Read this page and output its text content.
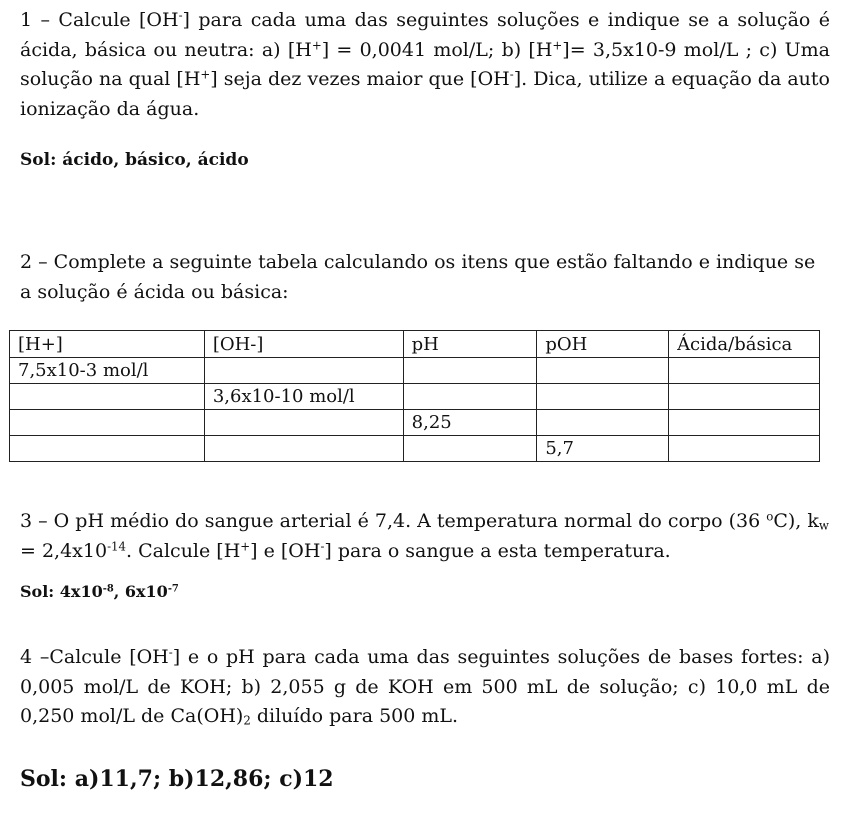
1 – Calcule [OH-] para cada uma das seguintes soluções e indique se a solução é ácida, básica ou neutra: a) [H+] = 0,0041 mol/L; b) [H+]= 3,5x10-9 mol/L ; c) Uma solução na qual [H+] seja dez vezes maior que [OH-]. Dica, utilize a equação da auto ionização da água.

Sol: ácido, básico, ácido

2 – Complete a seguinte tabela calculando os itens que estão faltando e indique se a solução é ácida ou básica:

[H+]	[OH-]	pH	pOH	Ácida/básica
7,5x10-3 mol/l				
	3,6x10-10 mol/l			
		8,25		
			5,7	

3 – O pH médio do sangue arterial é 7,4. A temperatura normal do corpo (36 $^o$C), $k_w$
= $2,4x10^{-14}$. Calcule [H+] e [OH-] para o sangue a esta temperatura.

Sol: $4x10^{-8}$, $6x10^{-7}$

4 –Calcule [OH-] e o pH para cada uma das seguintes soluções de bases fortes: a) 0,005 mol/L de KOH; b) 2,055 g de KOH em 500 mL de solução; c) 10,0 mL de 0,250 mol/L de $Ca(OH)_2$ diluído para 500 mL.

Sol: a)11,7; b)12,86; c)12
